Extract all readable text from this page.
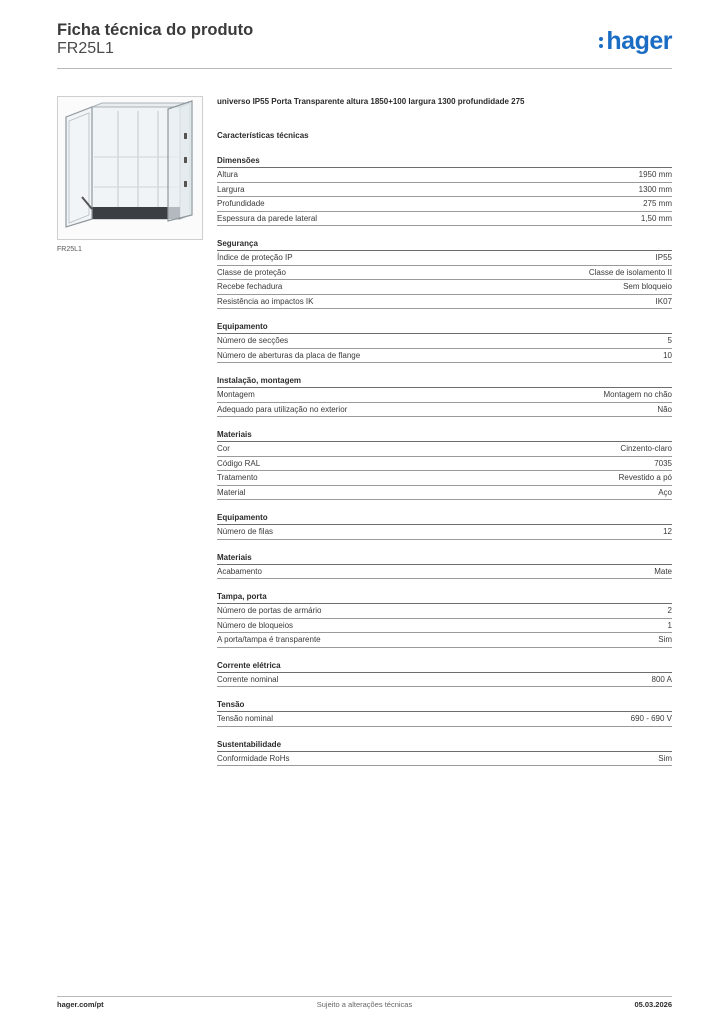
Ficha técnica do produto
FR25L1	hager
FR25L1
universo IP55 Porta Transparente altura 1850+100 largura 1300 profundidade 275
Características técnicas
Dimensões
Altura	1950 mm
Largura	1300 mm
Profundidade	275 mm
Espessura da parede lateral	1,50 mm
Segurança
Índice de proteção IP	IP55
Classe de proteção	Classe de isolamento II
Recebe fechadura	Sem bloqueio
Resistência ao impactos IK	IK07
Equipamento
Número de secções	5
Número de aberturas da placa de flange	10
Instalação, montagem
Montagem	Montagem no chão
Adequado para utilização no exterior	Não
Materiais
Cor	Cinzento-claro
Código RAL	7035
Tratamento	Revestido a pó
Material	Aço
Equipamento
Número de filas	12
Materiais
Acabamento	Mate
Tampa, porta
Número de portas de armário	2
Número de bloqueios	1
A porta/tampa é transparente	Sim
Corrente elétrica
Corrente nominal	800 A
Tensão
Tensão nominal	690 - 690 V
Sustentabilidade
Conformidade RoHs	Sim
hager.com/pt	Sujeito a alterações técnicas	05.03.2026
